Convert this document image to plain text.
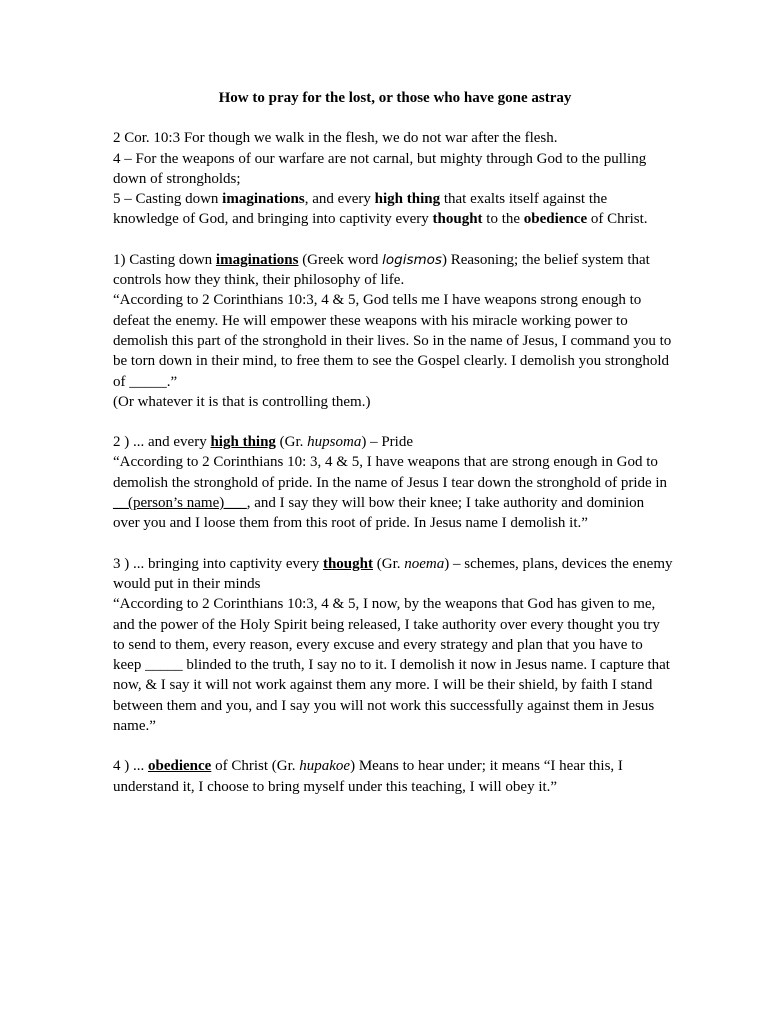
How to pray for the lost, or those who have gone astray

2 Cor. 10:3 For though we walk in the flesh, we do not war after the flesh.

4 – For the weapons of our warfare are not carnal, but mighty through God to the pulling down of strongholds;

5 – Casting down imaginations, and every high thing that exalts itself against the knowledge of God, and bringing into captivity every thought to the obedience of Christ.

1) Casting down imaginations (Greek word logismos) Reasoning; the belief system that controls how they think, their philosophy of life.

“According to 2 Corinthians 10:3, 4 & 5, God tells me I have weapons strong enough to defeat the enemy. He will empower these weapons with his miracle working power to demolish this part of the stronghold in their lives. So in the name of Jesus, I command you to be torn down in their mind, to free them to see the Gospel clearly. I demolish you stronghold of _____.”

(Or whatever it is that is controlling them.)

2 ) ... and every high thing (Gr. hupsoma) – Pride

“According to 2 Corinthians 10: 3, 4 & 5, I have weapons that are strong enough in God to demolish the stronghold of pride. In the name of Jesus I tear down the stronghold of pride in __(person’s name)___, and I say they will bow their knee; I take authority and dominion over you and I loose them from this root of pride. In Jesus name I demolish it.”

3 ) ... bringing into captivity every thought (Gr. noema) – schemes, plans, devices the enemy would put in their minds

“According to 2 Corinthians 10:3, 4 & 5, I now, by the weapons that God has given to me, and the power of the Holy Spirit being released, I take authority over every thought you try to send to them, every reason, every excuse and every strategy and plan that you have to keep _____ blinded to the truth, I say no to it. I demolish it now in Jesus name. I capture that now, & I say it will not work against them any more. I will be their shield, by faith I stand between them and you, and I say you will not work this successfully against them in Jesus name.”

4 ) ... obedience of Christ (Gr. hupakoe) Means to hear under; it means “I hear this, I understand it, I choose to bring myself under this teaching, I will obey it.”
